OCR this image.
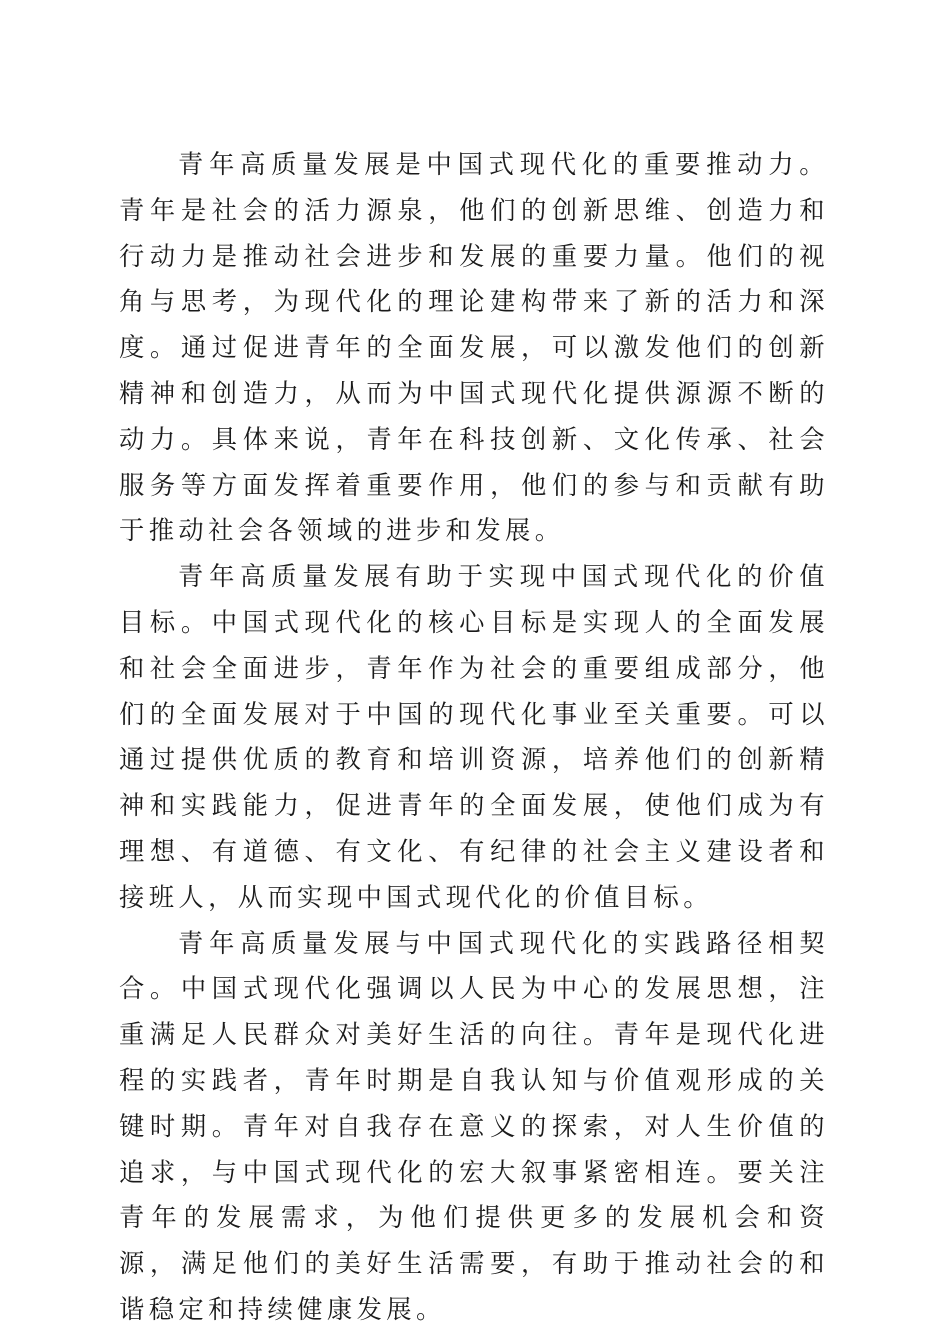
青年高质量发展是中国式现代化的重要推动力。青年是社会的活力源泉，他们的创新思维、创造力和行动力是推动社会进步和发展的重要力量。他们的视角与思考，为现代化的理论建构带来了新的活力和深度。通过促进青年的全面发展，可以激发他们的创新精神和创造力，从而为中国式现代化提供源源不断的动力。具体来说，青年在科技创新、文化传承、社会服务等方面发挥着重要作用，他们的参与和贡献有助于推动社会各领域的进步和发展。

青年高质量发展有助于实现中国式现代化的价值目标。中国式现代化的核心目标是实现人的全面发展和社会全面进步，青年作为社会的重要组成部分，他们的全面发展对于中国的现代化事业至关重要。可以通过提供优质的教育和培训资源，培养他们的创新精神和实践能力，促进青年的全面发展，使他们成为有理想、有道德、有文化、有纪律的社会主义建设者和接班人，从而实现中国式现代化的价值目标。

青年高质量发展与中国式现代化的实践路径相契合。中国式现代化强调以人民为中心的发展思想，注重满足人民群众对美好生活的向往。青年是现代化进程的实践者，青年时期是自我认知与价值观形成的关键时期。青年对自我存在意义的探索，对人生价值的追求，与中国式现代化的宏大叙事紧密相连。要关注青年的发展需求，为他们提供更多的发展机会和资源，满足他们的美好生活需要，有助于推动社会的和谐稳定和持续健康发展。
